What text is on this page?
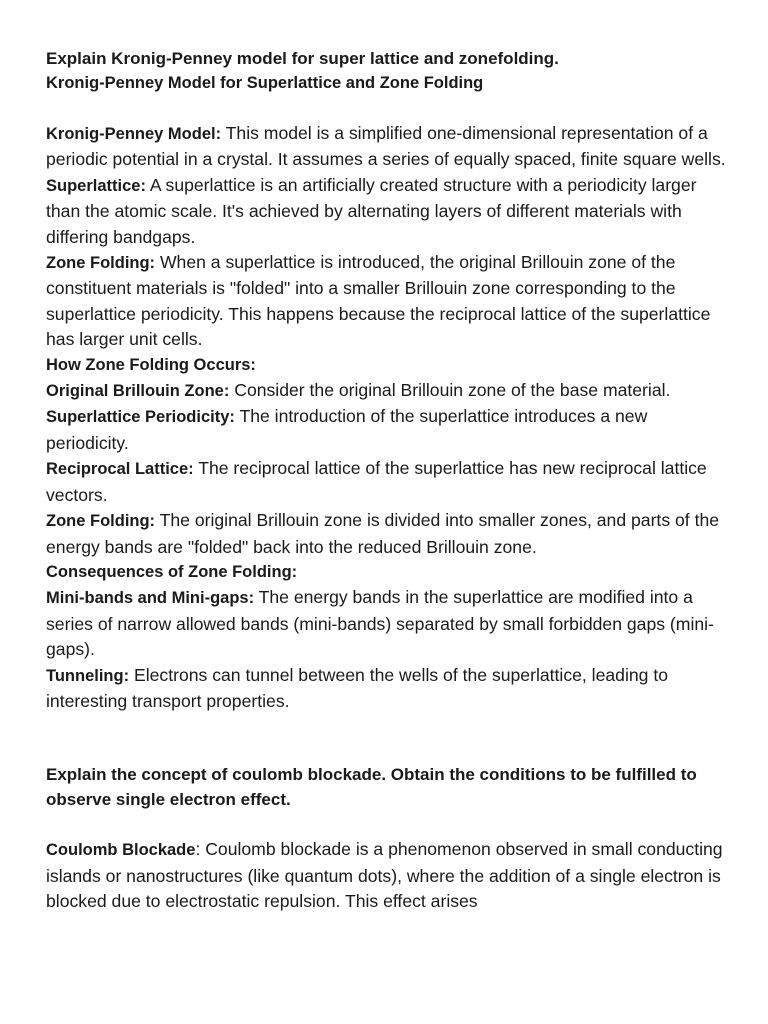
Explain Kronig-Penney model for super lattice and zonefolding.

Kronig-Penney Model for Superlattice and Zone Folding

Kronig-Penney Model: This model is a simplified one-dimensional representation of a periodic potential in a crystal. It assumes a series of equally spaced, finite square wells.

Superlattice: A superlattice is an artificially created structure with a periodicity larger than the atomic scale. It's achieved by alternating layers of different materials with differing bandgaps.

Zone Folding: When a superlattice is introduced, the original Brillouin zone of the constituent materials is "folded" into a smaller Brillouin zone corresponding to the superlattice periodicity. This happens because the reciprocal lattice of the superlattice has larger unit cells.

How Zone Folding Occurs:

Original Brillouin Zone: Consider the original Brillouin zone of the base material.

Superlattice Periodicity: The introduction of the superlattice introduces a new periodicity.

Reciprocal Lattice: The reciprocal lattice of the superlattice has new reciprocal lattice vectors.

Zone Folding: The original Brillouin zone is divided into smaller zones, and parts of the energy bands are "folded" back into the reduced Brillouin zone.

Consequences of Zone Folding:

Mini-bands and Mini-gaps: The energy bands in the superlattice are modified into a series of narrow allowed bands (mini-bands) separated by small forbidden gaps (mini-gaps).

Tunneling: Electrons can tunnel between the wells of the superlattice, leading to interesting transport properties.

Explain the concept of coulomb blockade. Obtain the conditions to be fulfilled to observe single electron effect.

Coulomb Blockade: Coulomb blockade is a phenomenon observed in small conducting islands or nanostructures (like quantum dots), where the addition of a single electron is blocked due to electrostatic repulsion. This effect arises
